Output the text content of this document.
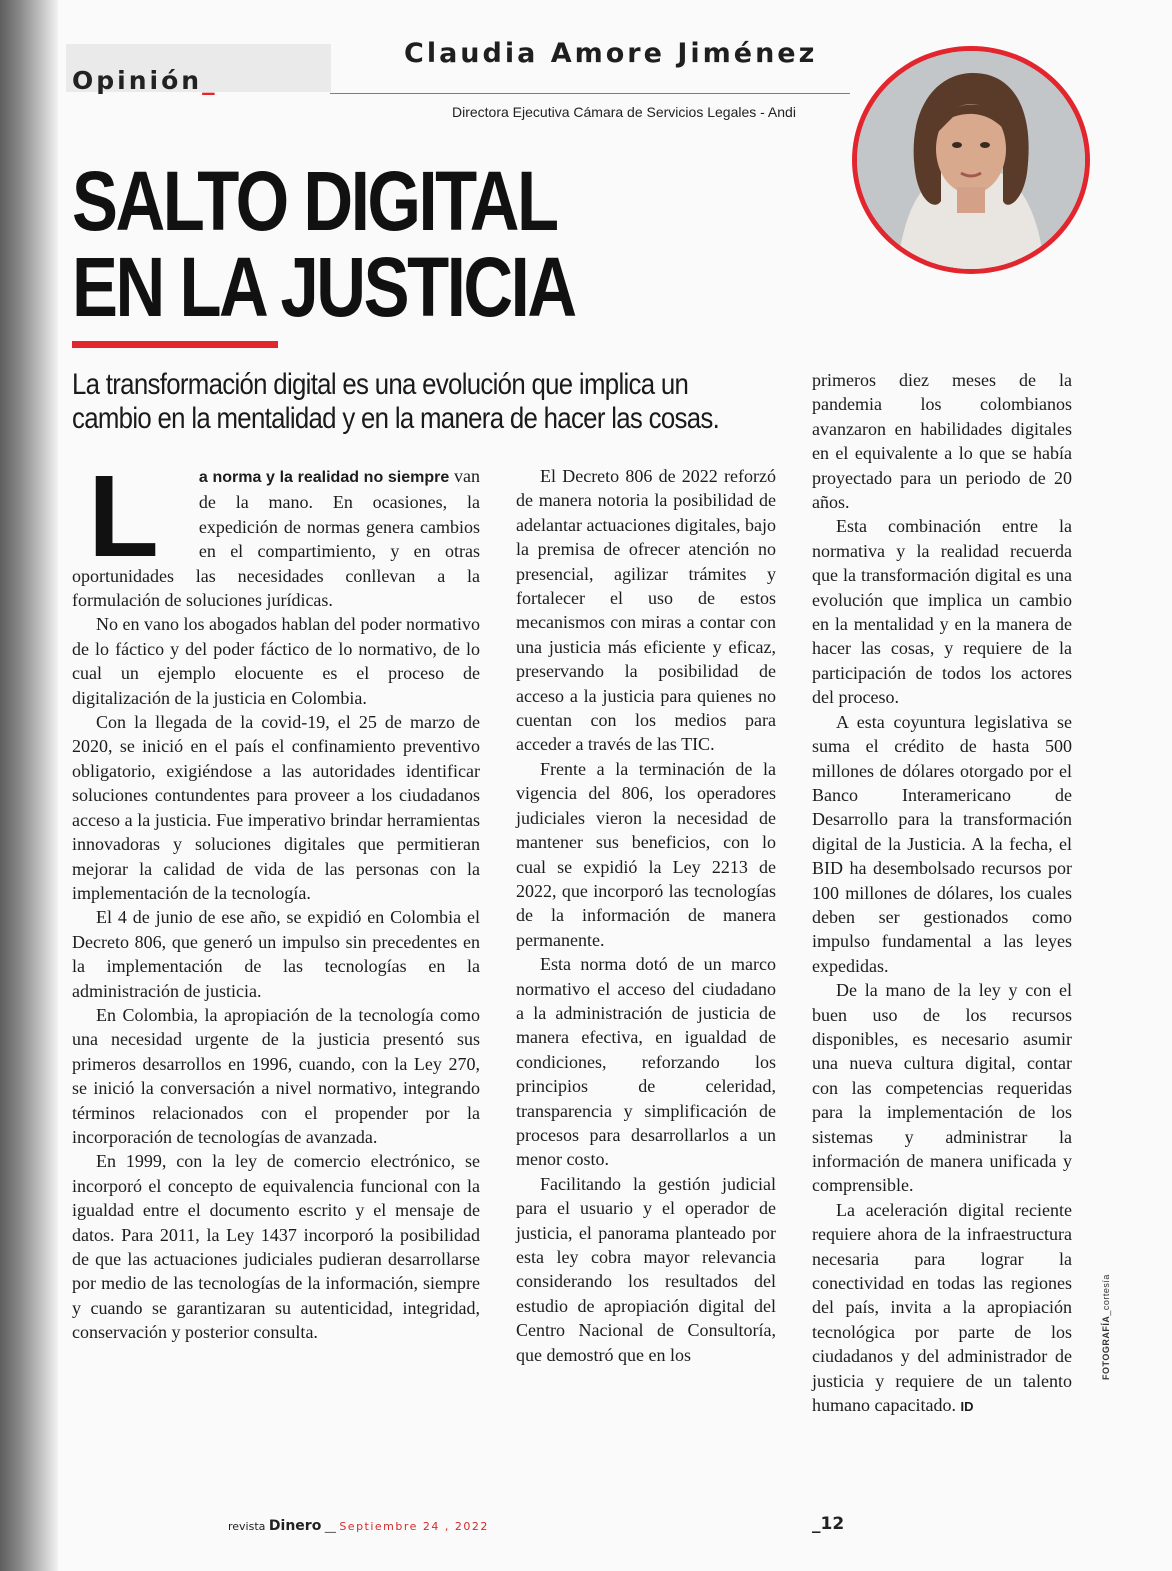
Opinión_
Claudia Amore Jiménez
Directora Ejecutiva Cámara de Servicios Legales - Andi
SALTO DIGITAL
EN LA JUSTICIA
La transformación digital es una evolución que implica un
cambio en la mentalidad y en la manera de hacer las cosas.

L	a norma y la realidad no siempre van de la mano. En ocasiones, la expedición de normas genera cambios en el compartimiento, y en otras oportunidades las necesidades conllevan a la formulación de soluciones jurídicas.

No en vano los abogados hablan del poder normativo de lo fáctico y del poder fáctico de lo normativo, de lo cual un ejemplo elocuente es el proceso de digitalización de la justicia en Colombia.

Con la llegada de la covid-19, el 25 de marzo de 2020, se inició en el país el confinamiento preventivo obligatorio, exigiéndose a las autoridades identificar soluciones contundentes para proveer a los ciudadanos acceso a la justicia. Fue imperativo brindar herramientas innovadoras y soluciones digitales que permitieran mejorar la calidad de vida de las personas con la implementación de la tecnología.

El 4 de junio de ese año, se expidió en Colombia el Decreto 806, que generó un impulso sin precedentes en la implementación de las tecnologías en la administración de justicia.

En Colombia, la apropiación de la tecnología como una necesidad urgente de la justicia presentó sus primeros desarrollos en 1996, cuando, con la Ley 270, se inició la conversación a nivel normativo, integrando términos relacionados con el propender por la incorporación de tecnologías de avanzada.

En 1999, con la ley de comercio electrónico, se incorporó el concepto de equivalencia funcional con la igualdad entre el documento escrito y el mensaje de datos. Para 2011, la Ley 1437 incorporó la posibilidad de que las actuaciones judiciales pudieran desarrollarse por medio de las tecnologías de la información, siempre y cuando se garantizaran su autenticidad, integridad, conservación y posterior consulta.

El Decreto 806 de 2022 reforzó de manera notoria la posibilidad de adelantar actuaciones digitales, bajo la premisa de ofrecer atención no presencial, agilizar trámites y fortalecer el uso de estos mecanismos con miras a contar con una justicia más eficiente y eficaz, preservando la posibilidad de acceso a la justicia para quienes no cuentan con los medios para acceder a través de las TIC.

Frente a la terminación de la vigencia del 806, los operadores judiciales vieron la necesidad de mantener sus beneficios, con lo cual se expidió la Ley 2213 de 2022, que incorporó las tecnologías de la información de manera permanente.

Esta norma dotó de un marco normativo el acceso del ciudadano a la administración de justicia de manera efectiva, en igualdad de condiciones, reforzando los principios de celeridad, transparencia y simplificación de procesos para desarrollarlos a un menor costo.

Facilitando la gestión judicial para el usuario y el operador de justicia, el panorama planteado por esta ley cobra mayor relevancia considerando los resultados del estudio de apropiación digital del Centro Nacional de Consultoría, que demostró que en los

primeros diez meses de la pandemia los colombianos avanzaron en habilidades digitales en el equivalente a lo que se había proyectado para un periodo de 20 años.

Esta combinación entre la normativa y la realidad recuerda que la transformación digital es una evolución que implica un cambio en la mentalidad y en la manera de hacer las cosas, y requiere de la participación de todos los actores del proceso.

A esta coyuntura legislativa se suma el crédito de hasta 500 millones de dólares otorgado por el Banco Interamericano de Desarrollo para la transformación digital de la Justicia. A la fecha, el BID ha desembolsado recursos por 100 millones de dólares, los cuales deben ser gestionados como impulso fundamental a las leyes expedidas.

De la mano de la ley y con el buen uso de los recursos disponibles, es necesario asumir una nueva cultura digital, contar con las competencias requeridas para la implementación de los sistemas y administrar la información de manera unificada y comprensible.

La aceleración digital reciente requiere ahora de la infraestructura necesaria para lograr la conectividad en todas las regiones del país, invita a la apropiación tecnológica por parte de los ciudadanos y del administrador de justicia y requiere de un talento humano capacitado. ID

FOTOGRAFÍA_cortesía
revista Dinero __ Septiembre 24 , 2022	_12
